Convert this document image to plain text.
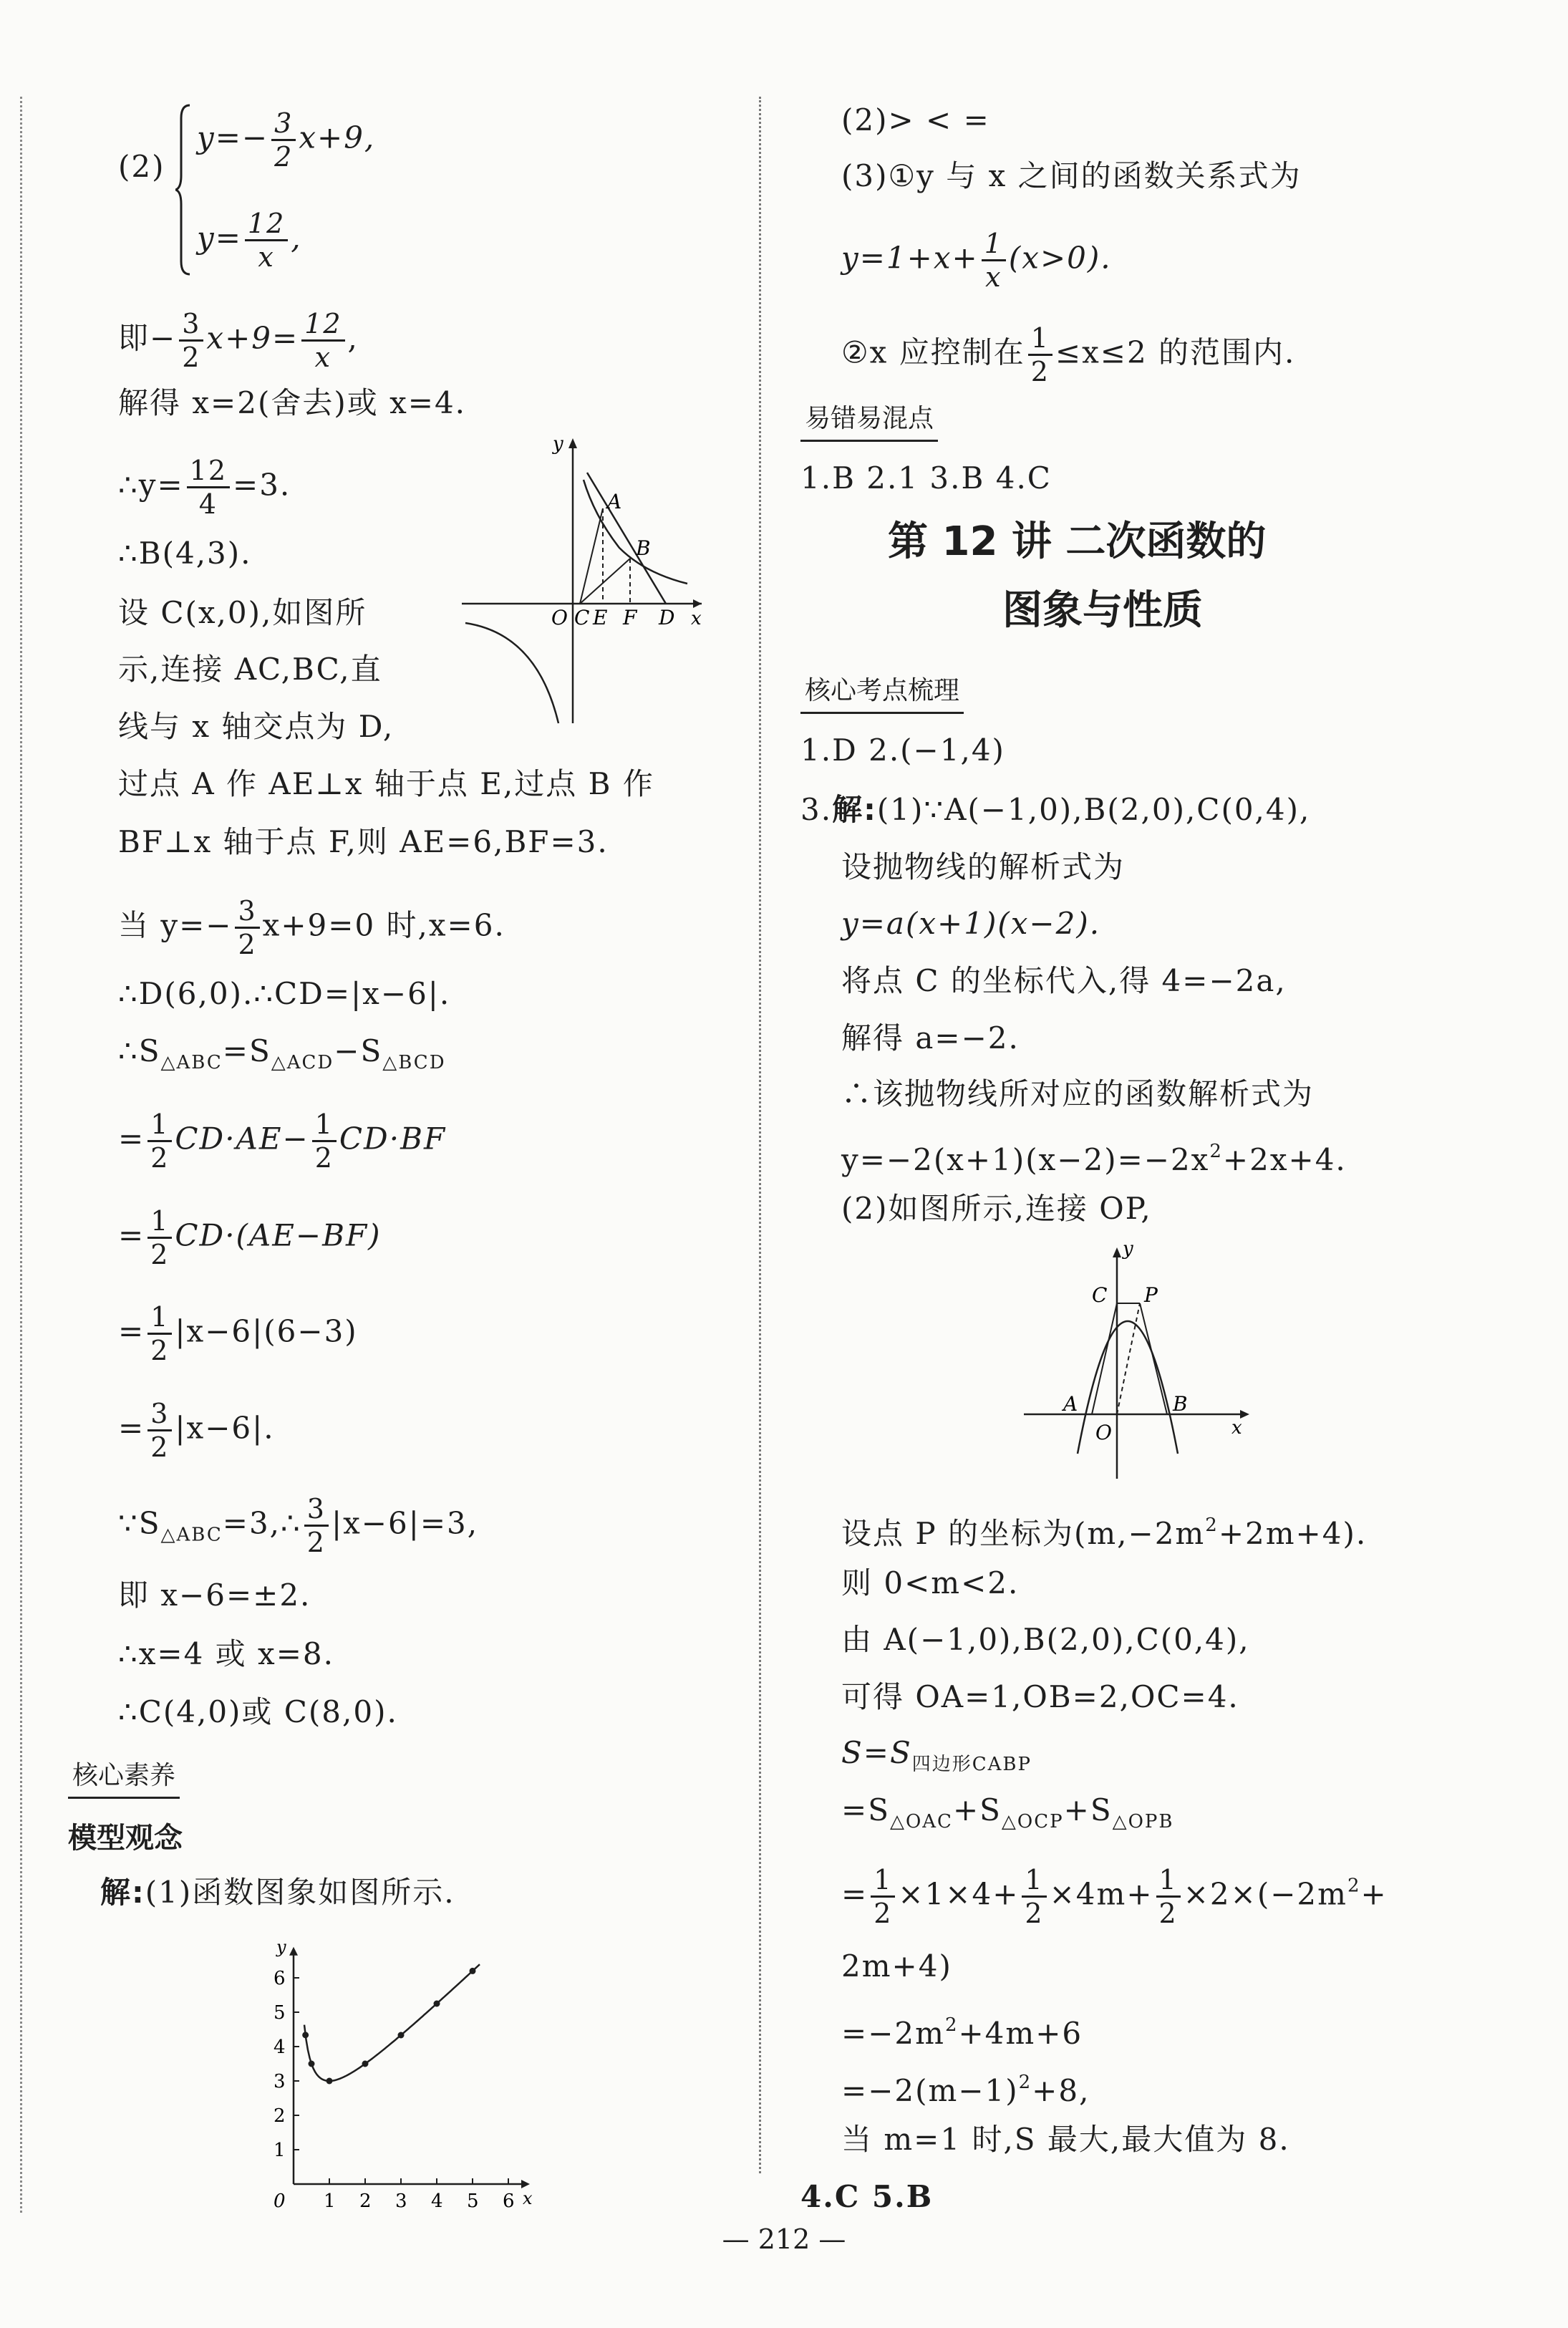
(2)
$y=- \frac{3}{2} x+9$,
$y= \frac{12}{x}$ ,
即− $\frac{3}{2} x+9= \frac{12}{x}$ ,
解得 x=2(舍去)或 x=4.
∴y= $\frac{12}{4} =3$.
∴B(4,3).
设 C(x,0),如图所
示,连接 AC,BC,直
线与 x 轴交点为 D,
y
x
A
B
O C E F D
过点 A 作 AE⊥x 轴于点 E,过点 B 作
BF⊥x 轴于点 F,则 AE=6,BF=3.
当 $y=- \frac{3}{2} x+9=0$ 时,x=6.
∴D(6,0).∴CD=|x−6|.
$\therefore S_{\triangle ABC}=S_{\triangle ACD}-S_{\triangle BCD}$
= $\frac{1}{2} CD\cdot AE- \frac{1}{2} CD\cdot BF$
= $\frac{1}{2} CD\cdot(AE-BF)$
= $\frac{1}{2} |x-6|(6-3)$
= $\frac{3}{2} |x-6|$.
$\because S_{\triangle ABC}=3,\therefore \frac{3}{2} |x-6|=3$,
即 x−6=±2.
∴x=4 或 x=8.
∴C(4,0)或 C(8,0).
核心素养
模型观念
解:(1)函数图象如图所示.
1 2 3 4 5 6
1
2
3
4
5
6
0	x
y
(2)> < =
(3)①y 与 x 之间的函数关系式为
$y=1+x+ \frac{1}{x} (x>0)$.
②x 应控制在 $\frac{1}{2} \le x\le 2$ 的范围内.
易错易混点
1.B 2.1 3.B 4.C
第 12 讲 二次函数的
图象与性质
核心考点梳理
1.D 2.(−1,4)
3.解:(1)∵A(−1,0),B(2,0),C(0,4),
设抛物线的解析式为
y=a(x+1)(x−2).
将点 C 的坐标代入,得 4=−2a,
解得 a=−2.
∴该抛物线所对应的函数解析式为
$y=-2(x+1)(x-2)=-2x^2+2x+4$.
(2)如图所示,连接 OP,
y
x
C P
A	B
O
设点 P 的坐标为$(m,-2m^2+2m+4)$.
则 0<m<2.
由 A(−1,0),B(2,0),C(0,4),
可得 OA=1,OB=2,OC=4.
$S=S_{四边形CABP}$
$=S_{\triangle OAC}+S_{\triangle OCP}+S_{\triangle OPB}$
= $\frac{1}{2} \times 1\times 4+ \frac{1}{2} \times 4m+ \frac{1}{2} \times 2\times(-2m^2+$
2m+4)
$=-2m^2+4m+6$
$=-2(m-1)^2+8$,
当 m=1 时,S 最大,最大值为 8.
4.C 5.B
— 212 —
